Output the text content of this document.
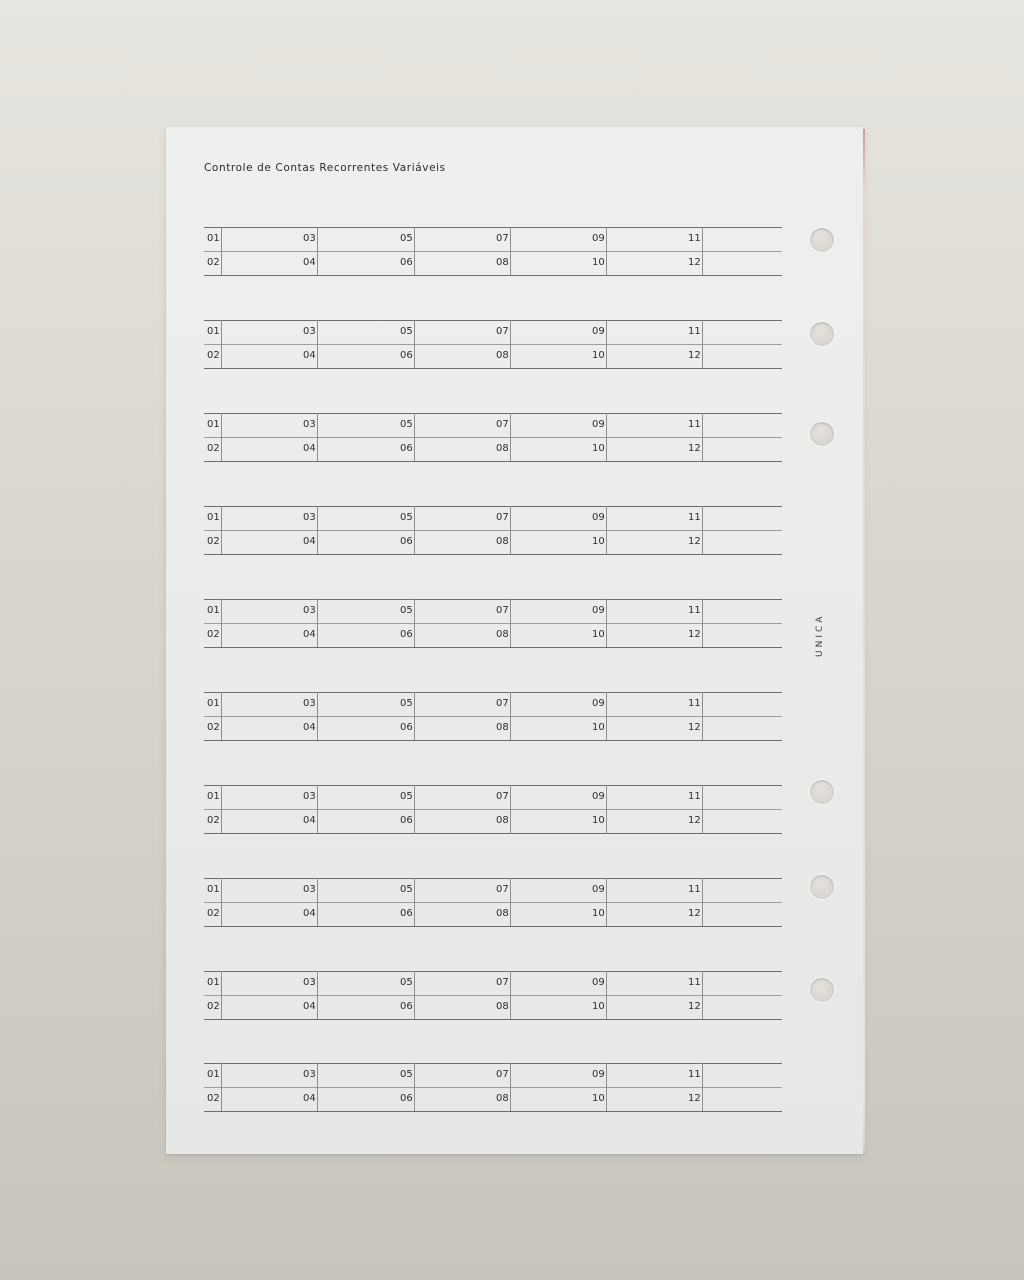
Controle de Contas Recorrentes Variáveis
01	03	05	07	09	11
02	04	06	08	10	12
01	03	05	07	09	11
02	04	06	08	10	12
01	03	05	07	09	11
02	04	06	08	10	12
01	03	05	07	09	11
02	04	06	08	10	12
01	03	05	07	09	11
02	04	06	08	10	12
01	03	05	07	09	11
02	04	06	08	10	12
01	03	05	07	09	11
02	04	06	08	10	12
01	03	05	07	09	11
02	04	06	08	10	12
01	03	05	07	09	11
02	04	06	08	10	12
01	03	05	07	09	11
02	04	06	08	10	12
UNICA
